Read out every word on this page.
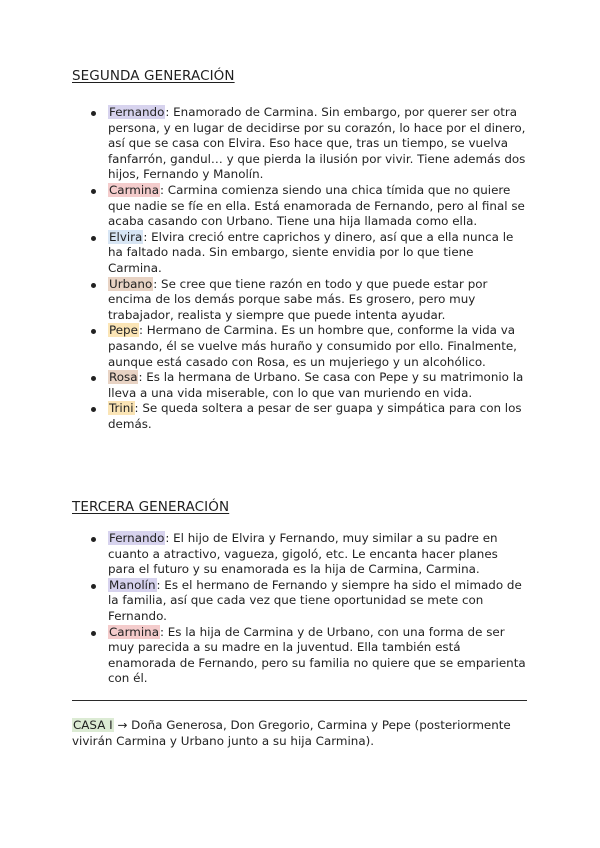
SEGUNDA GENERACIÓN
Fernando: Enamorado de Carmina. Sin embargo, por querer ser otra persona, y en lugar de decidirse por su corazón, lo hace por el dinero, así que se casa con Elvira. Eso hace que, tras un tiempo, se vuelva fanfarrón, gandul… y que pierda la ilusión por vivir. Tiene además dos hijos, Fernando y Manolín.
Carmina: Carmina comienza siendo una chica tímida que no quiere que nadie se fíe en ella. Está enamorada de Fernando, pero al final se acaba casando con Urbano. Tiene una hija llamada como ella.
Elvira: Elvira creció entre caprichos y dinero, así que a ella nunca le ha faltado nada. Sin embargo, siente envidia por lo que tiene Carmina.
Urbano: Se cree que tiene razón en todo y que puede estar por encima de los demás porque sabe más. Es grosero, pero muy trabajador, realista y siempre que puede intenta ayudar.
Pepe: Hermano de Carmina. Es un hombre que, conforme la vida va pasando, él se vuelve más huraño y consumido por ello. Finalmente, aunque está casado con Rosa, es un mujeriego y un alcohólico.
Rosa: Es la hermana de Urbano. Se casa con Pepe y su matrimonio la lleva a una vida miserable, con lo que van muriendo en vida.
Trini: Se queda soltera a pesar de ser guapa y simpática para con los demás.
TERCERA GENERACIÓN
Fernando: El hijo de Elvira y Fernando, muy similar a su padre en cuanto a atractivo, vagueza, gigoló, etc. Le encanta hacer planes para el futuro y su enamorada es la hija de Carmina, Carmina.
Manolín: Es el hermano de Fernando y siempre ha sido el mimado de la familia, así que cada vez que tiene oportunidad se mete con Fernando.
Carmina: Es la hija de Carmina y de Urbano, con una forma de ser muy parecida a su madre en la juventud. Ella también está enamorada de Fernando, pero su familia no quiere que se emparienta con él.

CASA I → Doña Generosa, Don Gregorio, Carmina y Pepe (posteriormente vivirán Carmina y Urbano junto a su hija Carmina).
